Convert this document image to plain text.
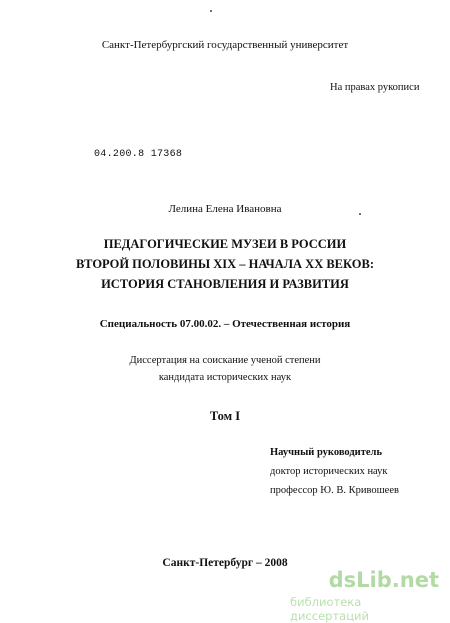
Санкт-Петербургский государственный университет
На правах рукописи
04.200.8 17368
Лелина Елена Ивановна
ПЕДАГОГИЧЕСКИЕ МУЗЕИ В РОССИИ
ВТОРОЙ ПОЛОВИНЫ XIX – НАЧАЛА XX ВЕКОВ:
ИСТОРИЯ СТАНОВЛЕНИЯ И РАЗВИТИЯ
Специальность 07.00.02. – Отечественная история
Диссертация на соискание ученой степени
кандидата исторических наук
Том I
Научный руководитель
доктор исторических наук
профессор Ю. В. Кривошеев
Санкт-Петербург – 2008
dsLib.net
библиотека диссертаций
